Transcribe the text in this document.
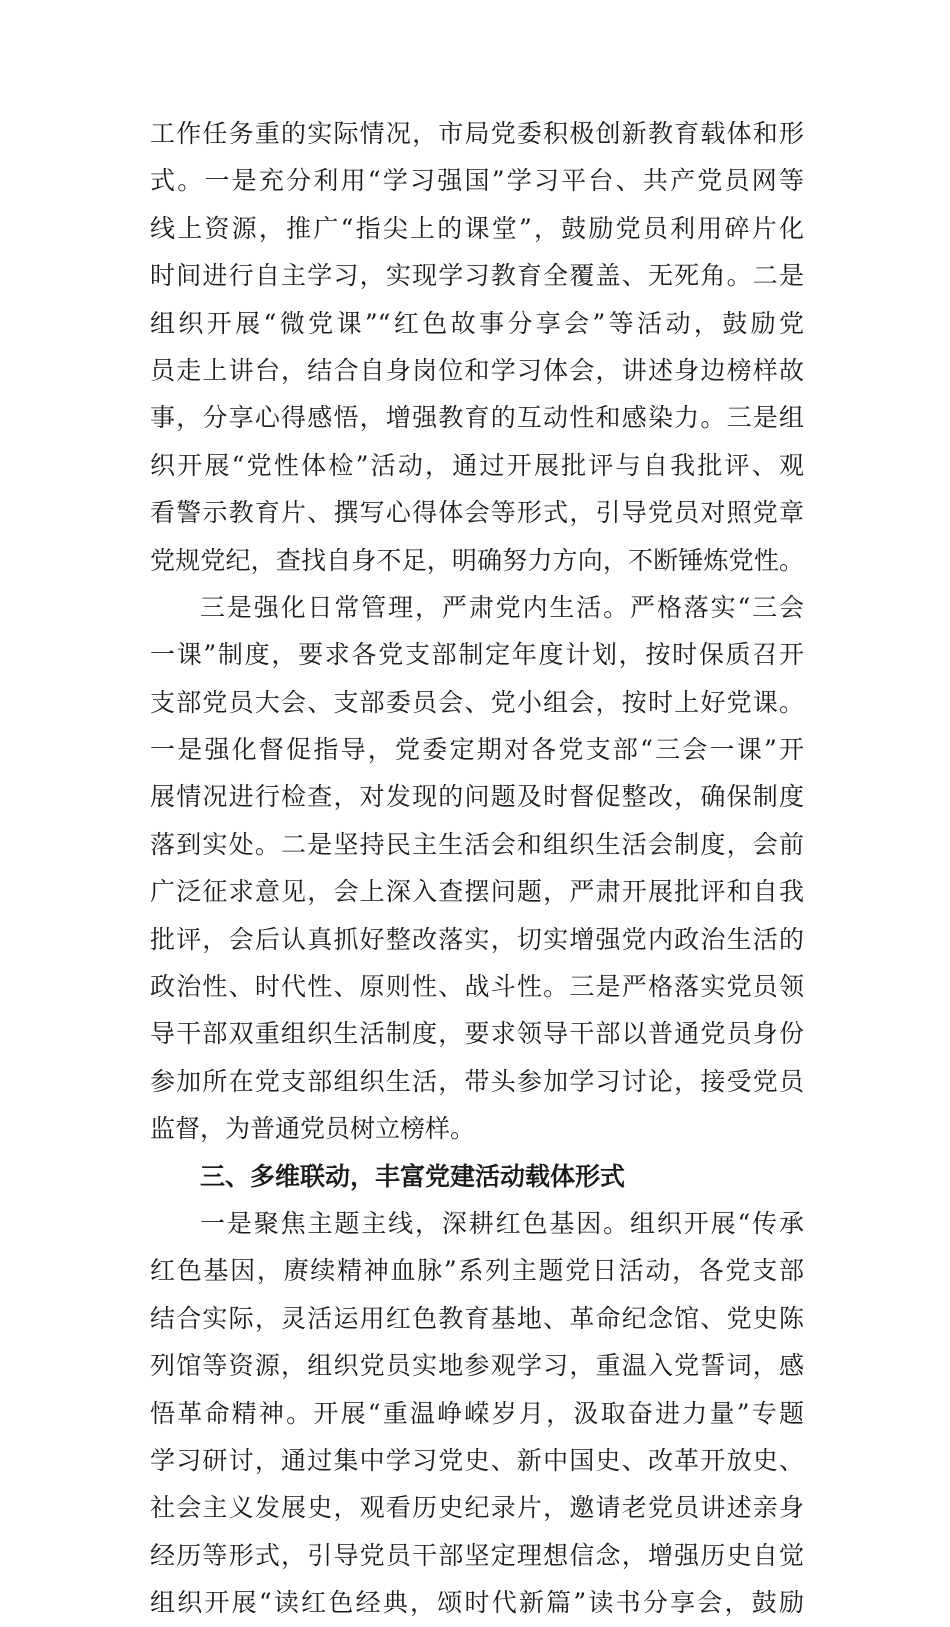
工作任务重的实际情况，市局党委积极创新教育载体和形
式。一是充分利用“学习强国”学习平台、共产党员网等
线上资源，推广“指尖上的课堂”，鼓励党员利用碎片化
时间进行自主学习，实现学习教育全覆盖、无死角。二是
组织开展“微党课”“红色故事分享会”等活动，鼓励党
员走上讲台，结合自身岗位和学习体会，讲述身边榜样故
事，分享心得感悟，增强教育的互动性和感染力。三是组
织开展“党性体检”活动，通过开展批评与自我批评、观
看警示教育片、撰写心得体会等形式，引导党员对照党章
党规党纪，查找自身不足，明确努力方向，不断锤炼党性。
三是强化日常管理，严肃党内生活。严格落实“三会
一课”制度，要求各党支部制定年度计划，按时保质召开
支部党员大会、支部委员会、党小组会，按时上好党课。
一是强化督促指导，党委定期对各党支部“三会一课”开
展情况进行检查，对发现的问题及时督促整改，确保制度
落到实处。二是坚持民主生活会和组织生活会制度，会前
广泛征求意见，会上深入查摆问题，严肃开展批评和自我
批评，会后认真抓好整改落实，切实增强党内政治生活的
政治性、时代性、原则性、战斗性。三是严格落实党员领
导干部双重组织生活制度，要求领导干部以普通党员身份
参加所在党支部组织生活，带头参加学习讨论，接受党员
监督，为普通党员树立榜样。
三、多维联动，丰富党建活动载体形式
一是聚焦主题主线，深耕红色基因。组织开展“传承
红色基因，赓续精神血脉”系列主题党日活动，各党支部
结合实际，灵活运用红色教育基地、革命纪念馆、党史陈
列馆等资源，组织党员实地参观学习，重温入党誓词，感
悟革命精神。开展“重温峥嵘岁月，汲取奋进力量”专题
学习研讨，通过集中学习党史、新中国史、改革开放史、
社会主义发展史，观看历史纪录片，邀请老党员讲述亲身
经历等形式，引导党员干部坚定理想信念，增强历史自觉
组织开展“读红色经典，颂时代新篇”读书分享会，鼓励
